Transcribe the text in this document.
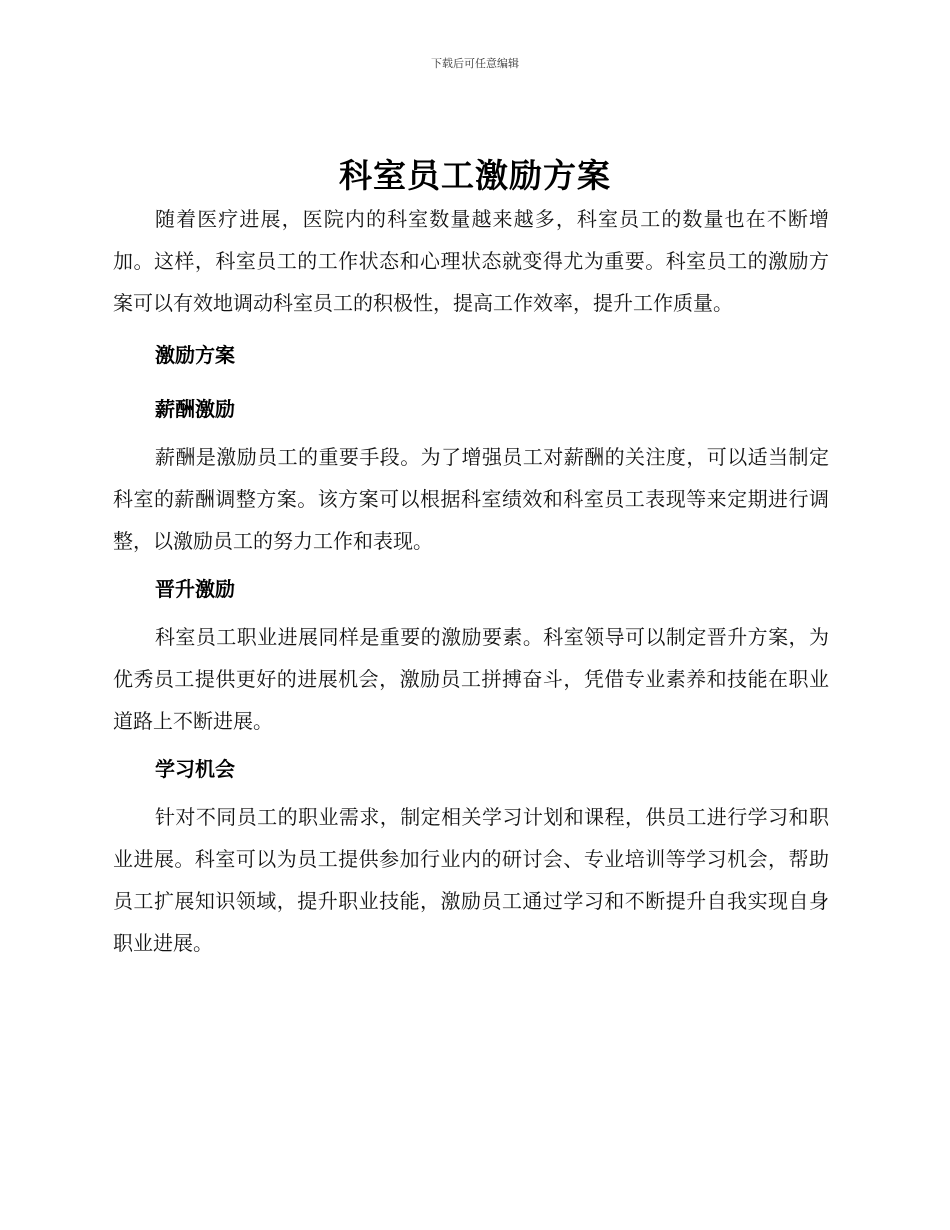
下载后可任意编辑
科室员工激励方案

随着医疗进展，医院内的科室数量越来越多，科室员工的数量也在不断增加。这样，科室员工的工作状态和心理状态就变得尤为重要。科室员工的激励方案可以有效地调动科室员工的积极性，提高工作效率，提升工作质量。

激励方案

薪酬激励

薪酬是激励员工的重要手段。为了增强员工对薪酬的关注度，可以适当制定科室的薪酬调整方案。该方案可以根据科室绩效和科室员工表现等来定期进行调整，以激励员工的努力工作和表现。

晋升激励

科室员工职业进展同样是重要的激励要素。科室领导可以制定晋升方案，为优秀员工提供更好的进展机会，激励员工拼搏奋斗，凭借专业素养和技能在职业道路上不断进展。

学习机会

针对不同员工的职业需求，制定相关学习计划和课程，供员工进行学习和职业进展。科室可以为员工提供参加行业内的研讨会、专业培训等学习机会，帮助员工扩展知识领域，提升职业技能，激励员工通过学习和不断提升自我实现自身职业进展。
